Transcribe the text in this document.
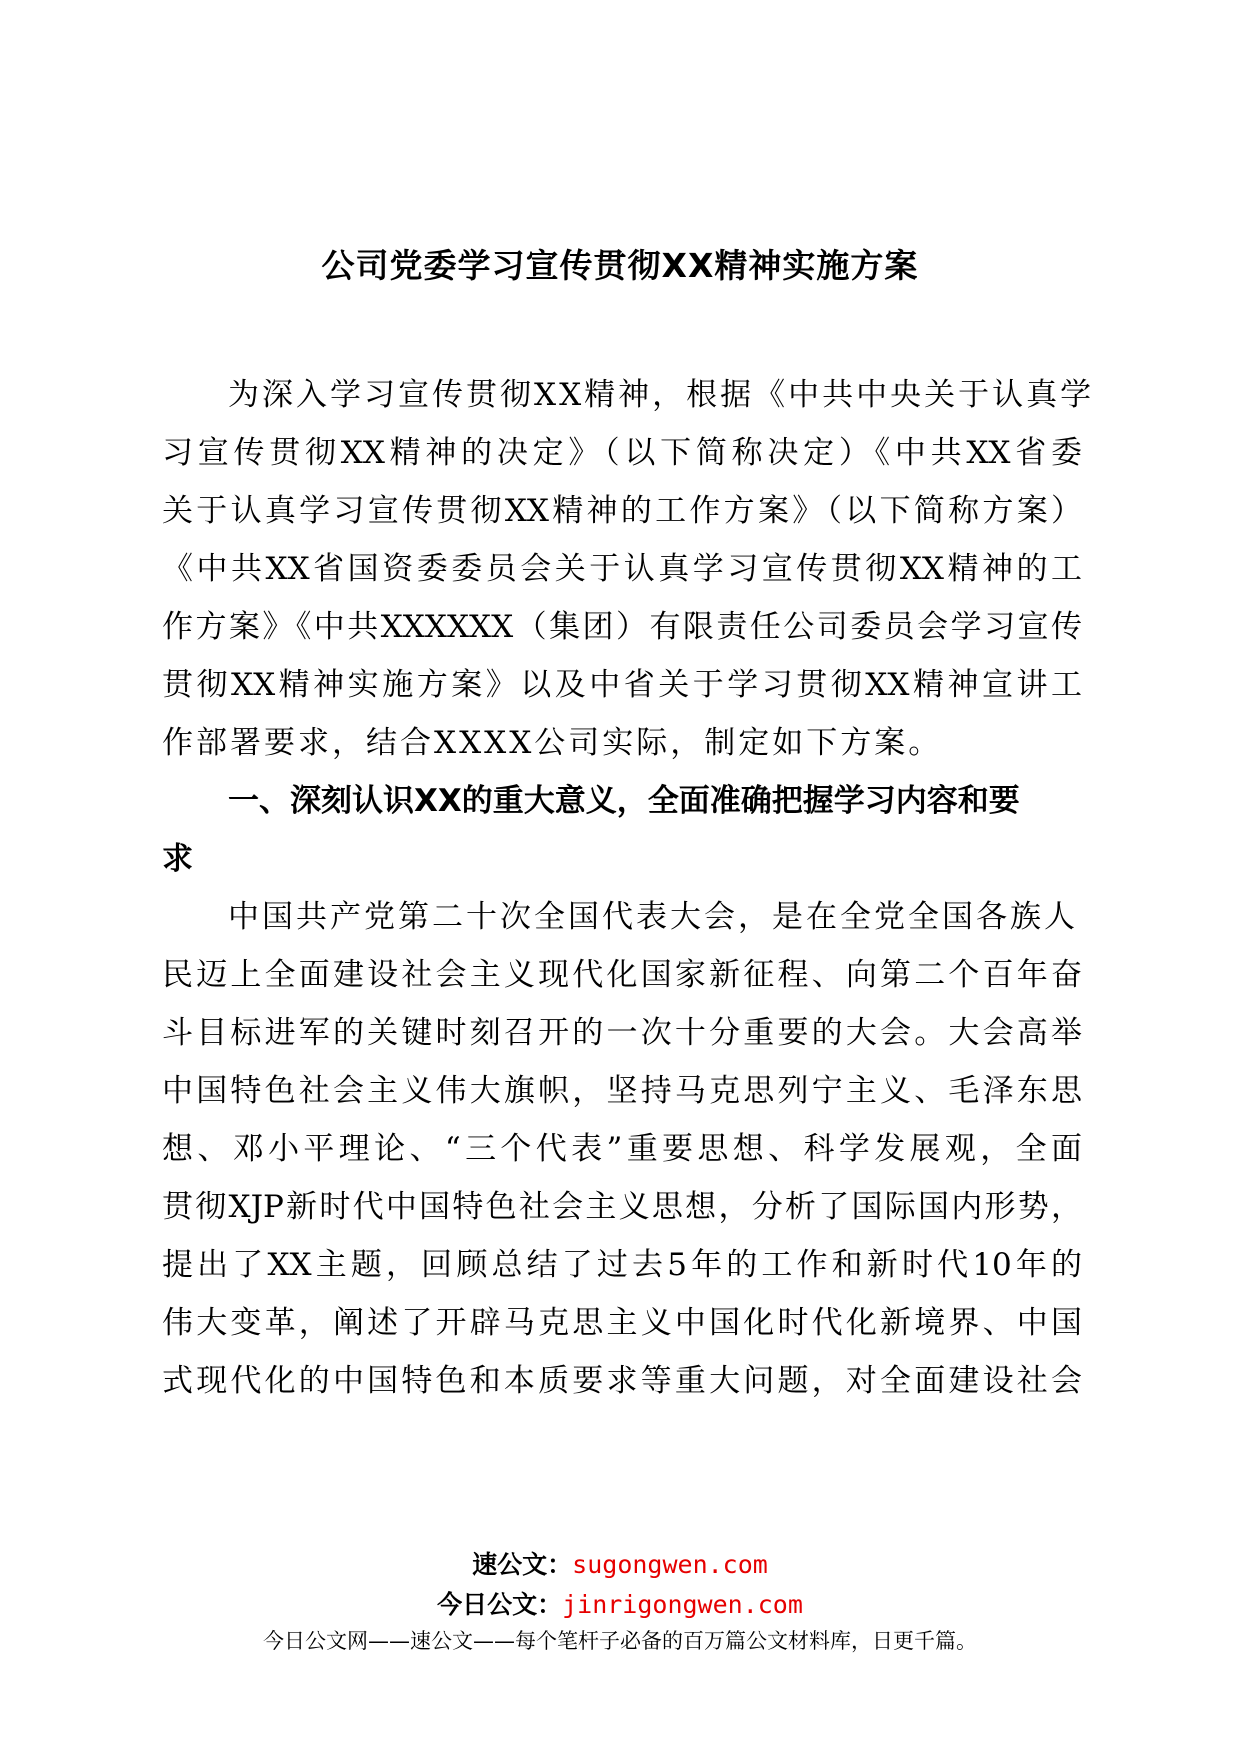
公司党委学习宣传贯彻XX精神实施方案
为深入学习宣传贯彻XX精神，根据《中共中央关于认真学
习宣传贯彻XX精神的决定》（以下简称决定）《中共XX省委
关于认真学习宣传贯彻XX精神的工作方案》（以下简称方案）
《中共XX省国资委委员会关于认真学习宣传贯彻XX精神的工
作方案》《中共XXXXXX（集团）有限责任公司委员会学习宣传
贯彻XX精神实施方案》以及中省关于学习贯彻XX精神宣讲工
作部署要求，结合XXXX公司实际，制定如下方案。
一、深刻认识XX的重大意义，全面准确把握学习内容和要
求
中国共产党第二十次全国代表大会，是在全党全国各族人
民迈上全面建设社会主义现代化国家新征程、向第二个百年奋
斗目标进军的关键时刻召开的一次十分重要的大会。大会高举
中国特色社会主义伟大旗帜，坚持马克思列宁主义、毛泽东思
想、邓小平理论、“三个代表”重要思想、科学发展观，全面
贯彻XJP新时代中国特色社会主义思想，分析了国际国内形势，
提出了XX主题，回顾总结了过去5年的工作和新时代10年的
伟大变革，阐述了开辟马克思主义中国化时代化新境界、中国
式现代化的中国特色和本质要求等重大问题，对全面建设社会
速公文：sugongwen.com
今日公文：jinrigongwen.com
今日公文网——速公文——每个笔杆子必备的百万篇公文材料库，日更千篇。
